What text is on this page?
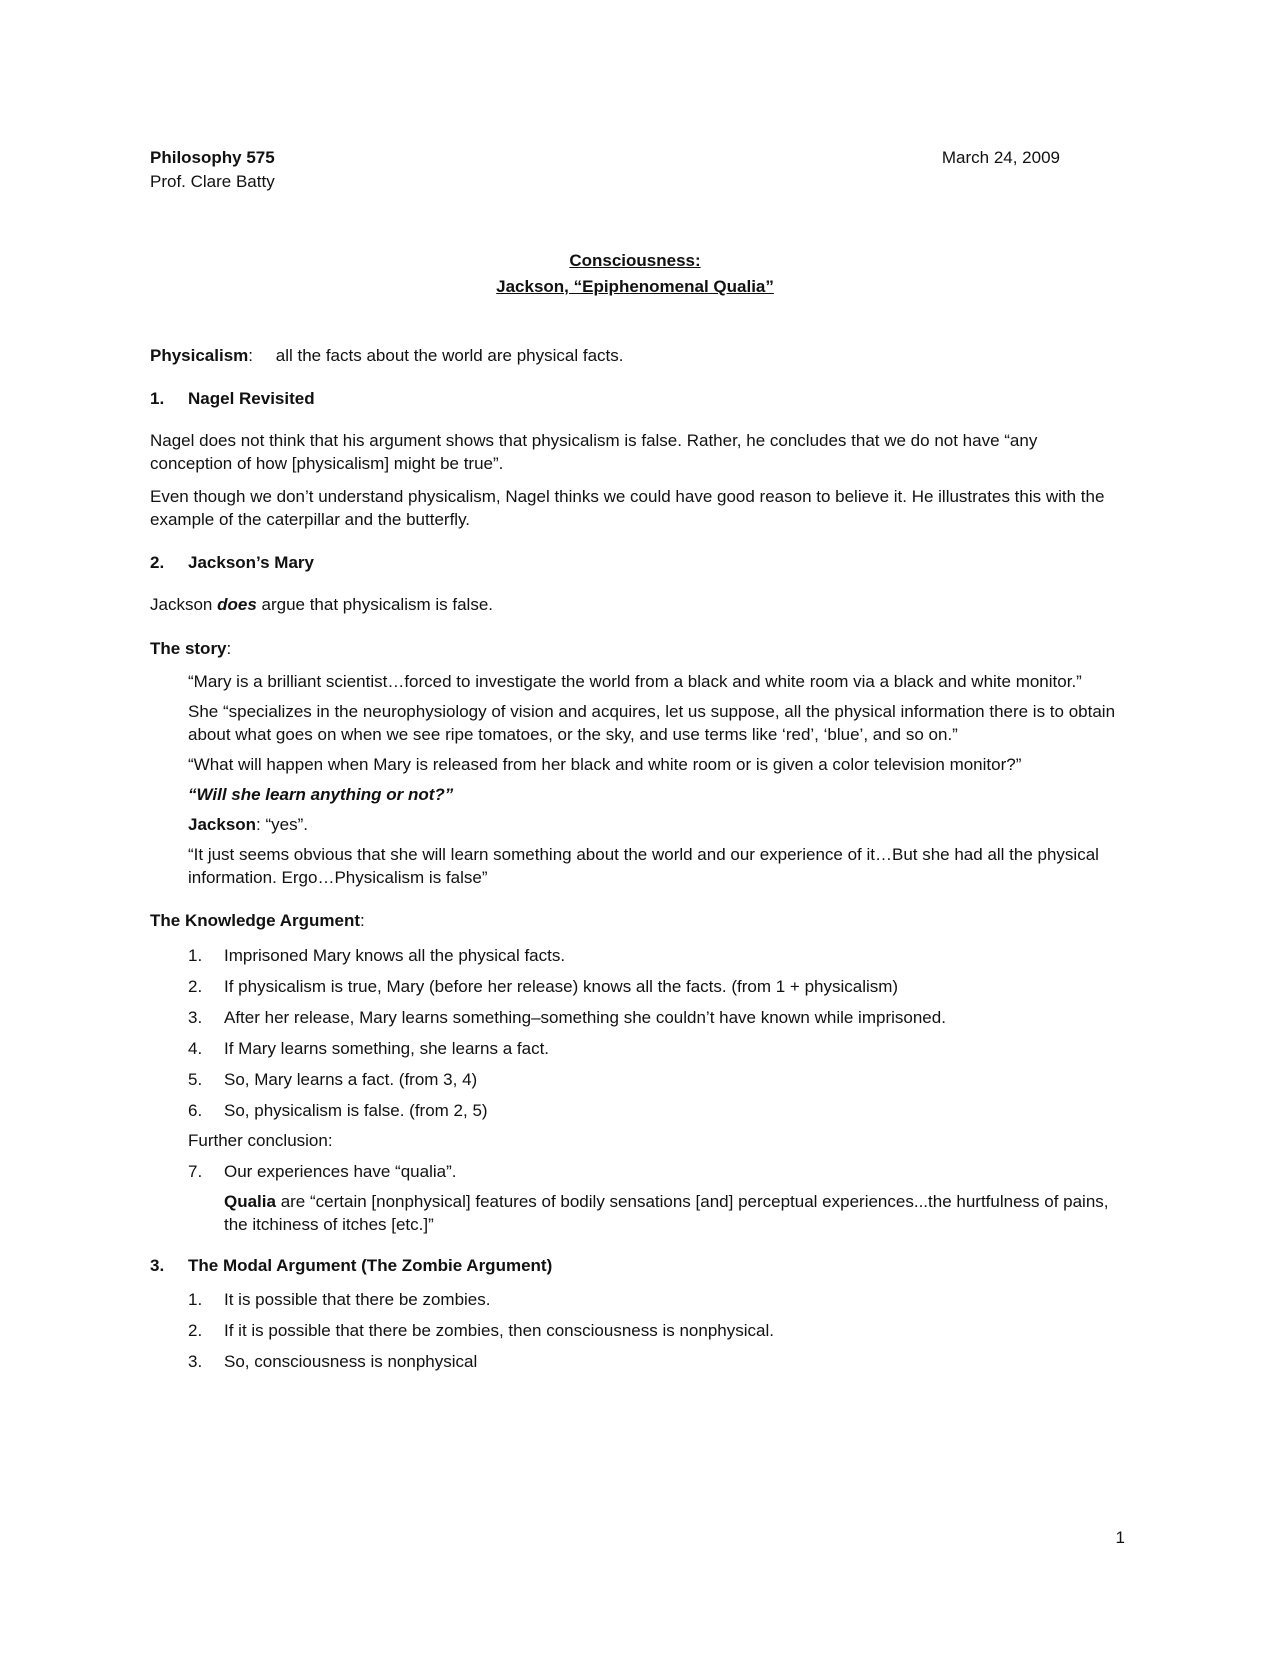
Philosophy 575
Prof. Clare Batty
March 24, 2009
Consciousness:
Jackson, “Epiphenomenal Qualia”
Physicalism: all the facts about the world are physical facts.
1. Nagel Revisited

Nagel does not think that his argument shows that physicalism is false. Rather, he concludes that we do not have “any conception of how [physicalism] might be true”.

Even though we don’t understand physicalism, Nagel thinks we could have good reason to believe it. He illustrates this with the example of the caterpillar and the butterfly.

2. Jackson’s Mary

Jackson does argue that physicalism is false.

The story:

“Mary is a brilliant scientist…forced to investigate the world from a black and white room via a black and white monitor.”

She “specializes in the neurophysiology of vision and acquires, let us suppose, all the physical information there is to obtain about what goes on when we see ripe tomatoes, or the sky, and use terms like ‘red’, ‘blue’, and so on.”

“What will happen when Mary is released from her black and white room or is given a color television monitor?”

“Will she learn anything or not?”

Jackson: “yes”.

“It just seems obvious that she will learn something about the world and our experience of it…But she had all the physical information. Ergo…Physicalism is false”

The Knowledge Argument:

1.	Imprisoned Mary knows all the physical facts.
2.	If physicalism is true, Mary (before her release) knows all the facts. (from 1 + physicalism)
3.	After her release, Mary learns something–something she couldn’t have known while imprisoned.
4.	If Mary learns something, she learns a fact.
5.	So, Mary learns a fact. (from 3, 4)
6.	So, physicalism is false. (from 2, 5)

Further conclusion:

7.	Our experiences have “qualia”.

Qualia are “certain [nonphysical] features of bodily sensations [and] perceptual experiences...the hurtfulness of pains, the itchiness of itches [etc.]”

3. The Modal Argument (The Zombie Argument)
1.	It is possible that there be zombies.
2.	If it is possible that there be zombies, then consciousness is nonphysical.
3.	So, consciousness is nonphysical
1
